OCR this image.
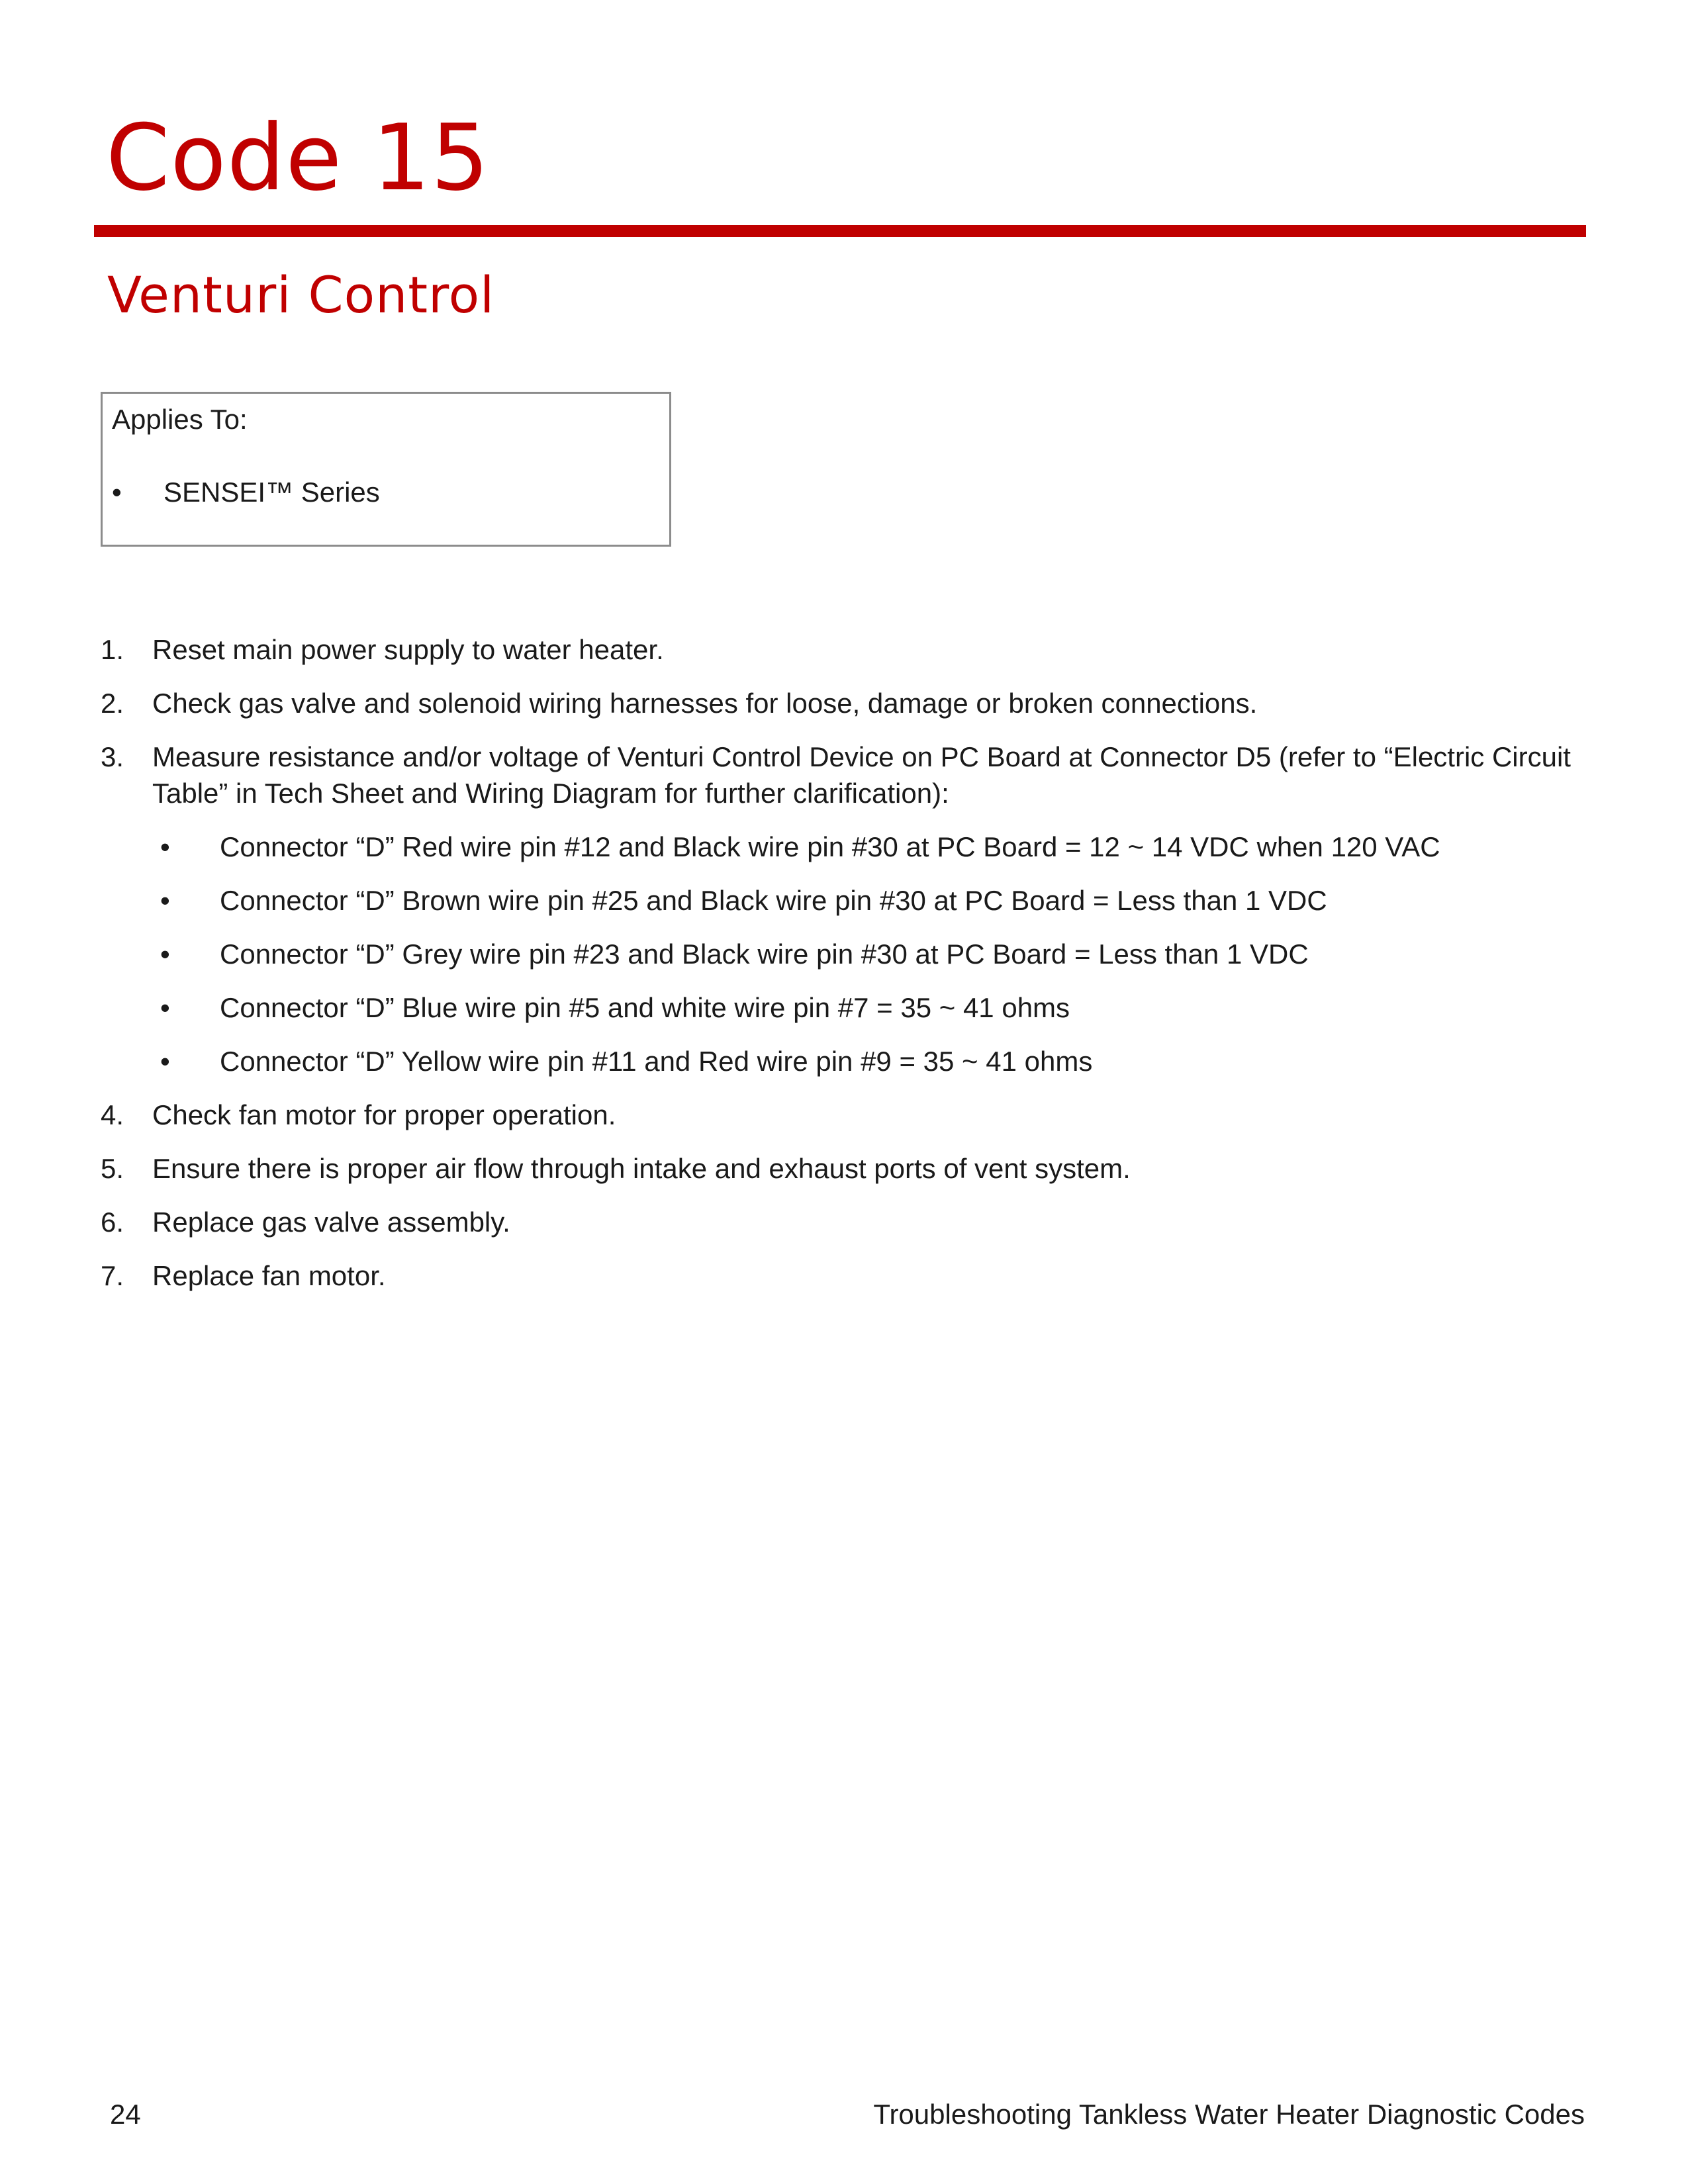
Code 15
Venturi Control
Applies To:
•	SENSEI™ Series
1.	Reset main power supply to water heater.
2.	Check gas valve and solenoid wiring harnesses for loose, damage or broken connections.
3.	Measure resistance and/or voltage of Venturi Control Device on PC Board at Connector D5 (refer to “Electric Circuit Table” in Tech Sheet and Wiring Diagram for further clarification):
•	Connector “D” Red wire pin #12 and Black wire pin #30 at PC Board = 12 ~ 14 VDC when 120 VAC
•	Connector “D” Brown wire pin #25 and Black wire pin #30 at PC Board = Less than 1 VDC
•	Connector “D” Grey wire pin #23 and Black wire pin #30 at PC Board = Less than 1 VDC
•	Connector “D” Blue wire pin #5 and white wire pin #7 = 35 ~ 41 ohms
•	Connector “D” Yellow wire pin #11 and Red wire pin #9 = 35 ~ 41 ohms
4.	Check fan motor for proper operation.
5.	Ensure there is proper air flow through intake and exhaust ports of vent system.
6.	Replace gas valve assembly.
7.	Replace fan motor.
24	Troubleshooting Tankless Water Heater Diagnostic Codes
